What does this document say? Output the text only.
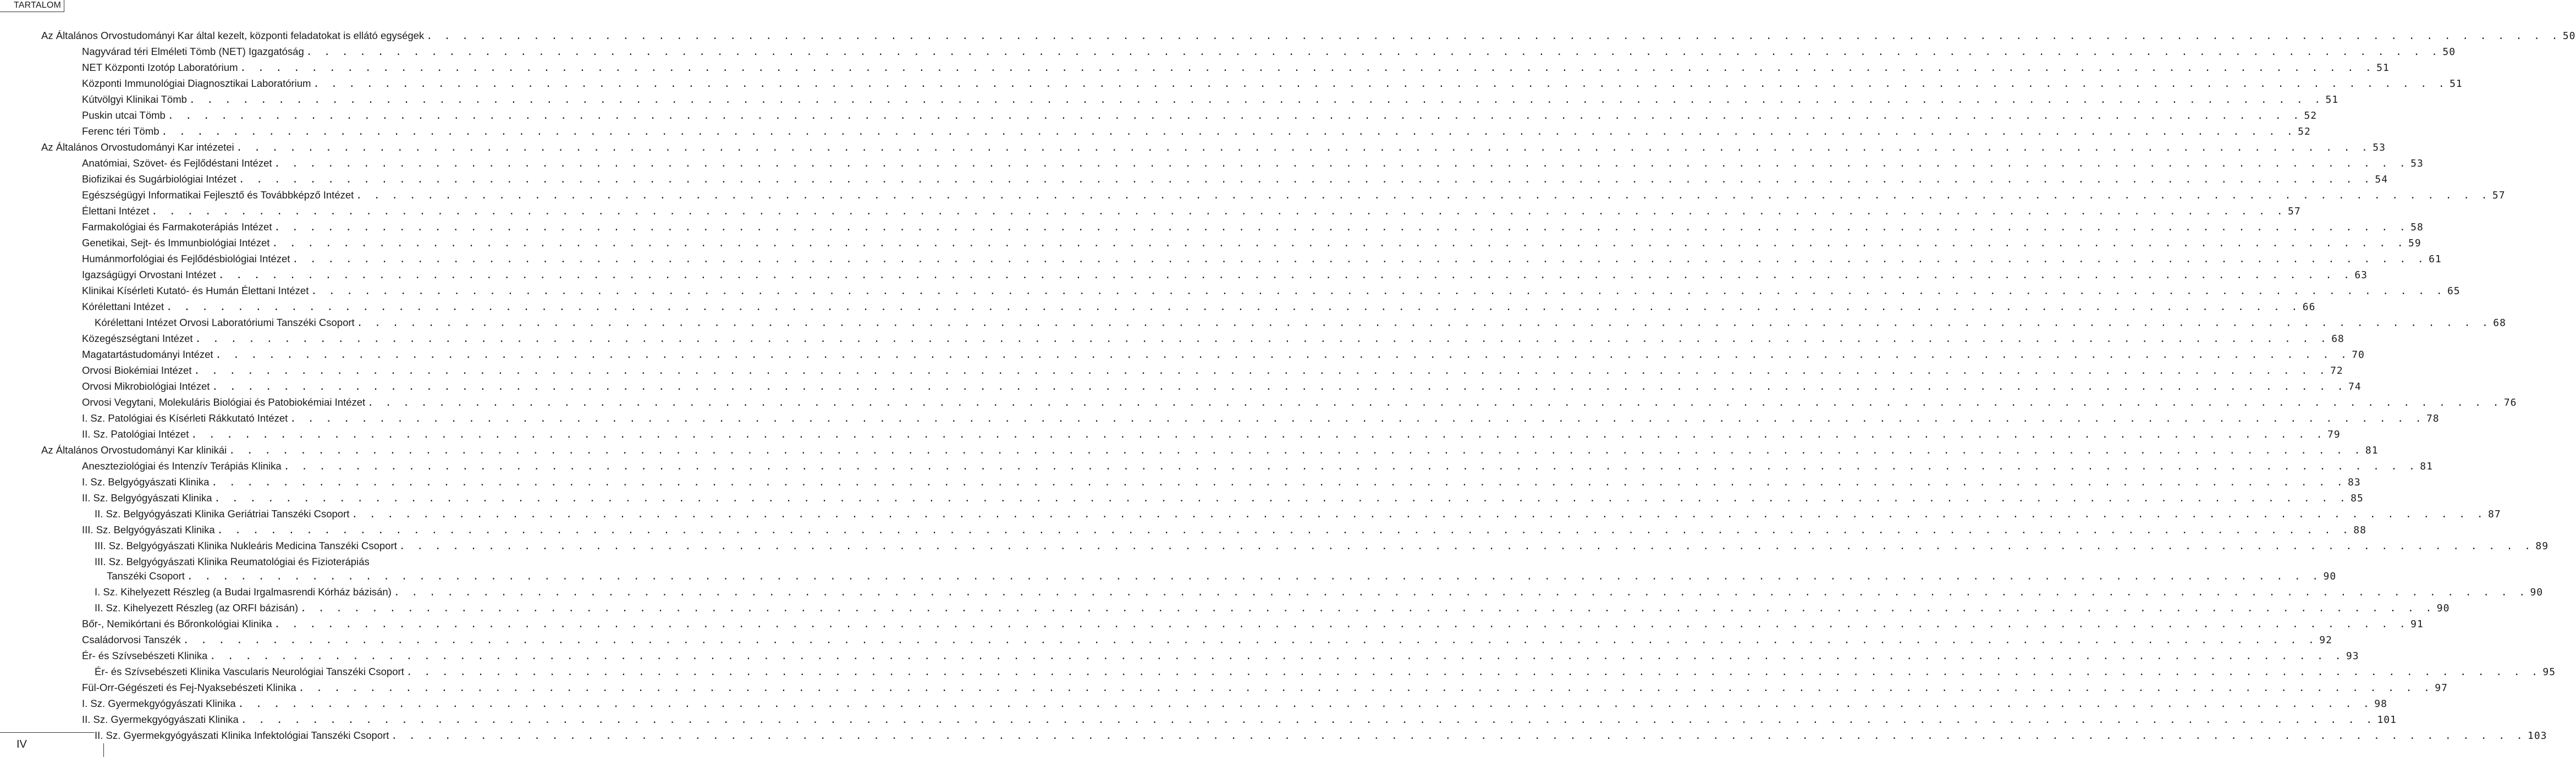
TARTALOM
Az Általános Orvostudományi Kar által kezelt, központi feladatokat is ellátó egységek . . . . . . . . . . . . . . . . . . . . . . . . . . . . . . . . . . . . . . . . . . . . . . . . . . . . . . . . . . . . . . . . . . . . . . . . . . . . . . . . . . . . . . . . . . . . . . . . . . . . . . . . . . . . . . . . . . . . . . . . 50
Nagyvárad téri Elméleti Tömb (NET) Igazgatóság . . . . . . . . . . . . . . . . . . . . . . . . . . . . . . . . . . . . . . . . . . . . . . . . . . . . . . . . . . . . . . . . . . . . . . . . . . . . . . . . . . . . . . . . . . . . . . . . . . . . . . . . . . . . . . . . . . . . . . . . 50
NET Központi Izotóp Laboratórium . . . . . . . . . . . . . . . . . . . . . . . . . . . . . . . . . . . . . . . . . . . . . . . . . . . . . . . . . . . . . . . . . . . . . . . . . . . . . . . . . . . . . . . . . . . . . . . . . . . . . . . . . . . . . . . . . . . . . . . . 51
Központi Immunológiai Diagnosztikai Laboratórium . . . . . . . . . . . . . . . . . . . . . . . . . . . . . . . . . . . . . . . . . . . . . . . . . . . . . . . . . . . . . . . . . . . . . . . . . . . . . . . . . . . . . . . . . . . . . . . . . . . . . . . . . . . . . . . . . . . . . . . . 51
Kútvölgyi Klinikai Tömb . . . . . . . . . . . . . . . . . . . . . . . . . . . . . . . . . . . . . . . . . . . . . . . . . . . . . . . . . . . . . . . . . . . . . . . . . . . . . . . . . . . . . . . . . . . . . . . . . . . . . . . . . . . . . . . . . . . . . . . . 51
Puskin utcai Tömb . . . . . . . . . . . . . . . . . . . . . . . . . . . . . . . . . . . . . . . . . . . . . . . . . . . . . . . . . . . . . . . . . . . . . . . . . . . . . . . . . . . . . . . . . . . . . . . . . . . . . . . . . . . . . . . . . . . . . . . . 52
Ferenc téri Tömb . . . . . . . . . . . . . . . . . . . . . . . . . . . . . . . . . . . . . . . . . . . . . . . . . . . . . . . . . . . . . . . . . . . . . . . . . . . . . . . . . . . . . . . . . . . . . . . . . . . . . . . . . . . . . . . . . . . . . . . . 52
Az Általános Orvostudományi Kar intézetei . . . . . . . . . . . . . . . . . . . . . . . . . . . . . . . . . . . . . . . . . . . . . . . . . . . . . . . . . . . . . . . . . . . . . . . . . . . . . . . . . . . . . . . . . . . . . . . . . . . . . . . . . . . . . . . . . . . . . . . . 53
Anatómiai, Szövet- és Fejlődéstani Intézet . . . . . . . . . . . . . . . . . . . . . . . . . . . . . . . . . . . . . . . . . . . . . . . . . . . . . . . . . . . . . . . . . . . . . . . . . . . . . . . . . . . . . . . . . . . . . . . . . . . . . . . . . . . . . . . . . . . . . . . . 53
Biofizikai és Sugárbiológiai Intézet . . . . . . . . . . . . . . . . . . . . . . . . . . . . . . . . . . . . . . . . . . . . . . . . . . . . . . . . . . . . . . . . . . . . . . . . . . . . . . . . . . . . . . . . . . . . . . . . . . . . . . . . . . . . . . . . . . . . . . . . 54
Egészségügyi Informatikai Fejlesztő és Továbbképző Intézet . . . . . . . . . . . . . . . . . . . . . . . . . . . . . . . . . . . . . . . . . . . . . . . . . . . . . . . . . . . . . . . . . . . . . . . . . . . . . . . . . . . . . . . . . . . . . . . . . . . . . . . . . . . . . . . . . . . . . . . . 57
Élettani Intézet . . . . . . . . . . . . . . . . . . . . . . . . . . . . . . . . . . . . . . . . . . . . . . . . . . . . . . . . . . . . . . . . . . . . . . . . . . . . . . . . . . . . . . . . . . . . . . . . . . . . . . . . . . . . . . . . . . . . . . . . 57
Farmakológiai és Farmakoterápiás Intézet . . . . . . . . . . . . . . . . . . . . . . . . . . . . . . . . . . . . . . . . . . . . . . . . . . . . . . . . . . . . . . . . . . . . . . . . . . . . . . . . . . . . . . . . . . . . . . . . . . . . . . . . . . . . . . . . . . . . . . . . 58
Genetikai, Sejt- és Immunbiológiai Intézet . . . . . . . . . . . . . . . . . . . . . . . . . . . . . . . . . . . . . . . . . . . . . . . . . . . . . . . . . . . . . . . . . . . . . . . . . . . . . . . . . . . . . . . . . . . . . . . . . . . . . . . . . . . . . . . . . . . . . . . . 59
Humánmorfológiai és Fejlődésbiológiai Intézet . . . . . . . . . . . . . . . . . . . . . . . . . . . . . . . . . . . . . . . . . . . . . . . . . . . . . . . . . . . . . . . . . . . . . . . . . . . . . . . . . . . . . . . . . . . . . . . . . . . . . . . . . . . . . . . . . . . . . . . . 61
Igazságügyi Orvostani Intézet . . . . . . . . . . . . . . . . . . . . . . . . . . . . . . . . . . . . . . . . . . . . . . . . . . . . . . . . . . . . . . . . . . . . . . . . . . . . . . . . . . . . . . . . . . . . . . . . . . . . . . . . . . . . . . . . . . . . . . . . 63
Klinikai Kísérleti Kutató- és Humán Élettani Intézet . . . . . . . . . . . . . . . . . . . . . . . . . . . . . . . . . . . . . . . . . . . . . . . . . . . . . . . . . . . . . . . . . . . . . . . . . . . . . . . . . . . . . . . . . . . . . . . . . . . . . . . . . . . . . . . . . . . . . . . . 65
Kórélettani Intézet . . . . . . . . . . . . . . . . . . . . . . . . . . . . . . . . . . . . . . . . . . . . . . . . . . . . . . . . . . . . . . . . . . . . . . . . . . . . . . . . . . . . . . . . . . . . . . . . . . . . . . . . . . . . . . . . . . . . . . . . 66
Kórélettani Intézet Orvosi Laboratóriumi Tanszéki Csoport . . . . . . . . . . . . . . . . . . . . . . . . . . . . . . . . . . . . . . . . . . . . . . . . . . . . . . . . . . . . . . . . . . . . . . . . . . . . . . . . . . . . . . . . . . . . . . . . . . . . . . . . . . . . . . . . . . . . . . . . 68
Közegészségtani Intézet . . . . . . . . . . . . . . . . . . . . . . . . . . . . . . . . . . . . . . . . . . . . . . . . . . . . . . . . . . . . . . . . . . . . . . . . . . . . . . . . . . . . . . . . . . . . . . . . . . . . . . . . . . . . . . . . . . . . . . . . 68
Magatartástudományi Intézet . . . . . . . . . . . . . . . . . . . . . . . . . . . . . . . . . . . . . . . . . . . . . . . . . . . . . . . . . . . . . . . . . . . . . . . . . . . . . . . . . . . . . . . . . . . . . . . . . . . . . . . . . . . . . . . . . . . . . . . . 70
Orvosi Biokémiai Intézet . . . . . . . . . . . . . . . . . . . . . . . . . . . . . . . . . . . . . . . . . . . . . . . . . . . . . . . . . . . . . . . . . . . . . . . . . . . . . . . . . . . . . . . . . . . . . . . . . . . . . . . . . . . . . . . . . . . . . . . . 72
Orvosi Mikrobiológiai Intézet . . . . . . . . . . . . . . . . . . . . . . . . . . . . . . . . . . . . . . . . . . . . . . . . . . . . . . . . . . . . . . . . . . . . . . . . . . . . . . . . . . . . . . . . . . . . . . . . . . . . . . . . . . . . . . . . . . . . . . . . 74
Orvosi Vegytani, Molekuláris Biológiai és Patobiokémiai Intézet . . . . . . . . . . . . . . . . . . . . . . . . . . . . . . . . . . . . . . . . . . . . . . . . . . . . . . . . . . . . . . . . . . . . . . . . . . . . . . . . . . . . . . . . . . . . . . . . . . . . . . . . . . . . . . . . . . . . . . . . 76
I. Sz. Patológiai és Kísérleti Rákkutató Intézet . . . . . . . . . . . . . . . . . . . . . . . . . . . . . . . . . . . . . . . . . . . . . . . . . . . . . . . . . . . . . . . . . . . . . . . . . . . . . . . . . . . . . . . . . . . . . . . . . . . . . . . . . . . . . . . . . . . . . . . . 78
II. Sz. Patológiai Intézet . . . . . . . . . . . . . . . . . . . . . . . . . . . . . . . . . . . . . . . . . . . . . . . . . . . . . . . . . . . . . . . . . . . . . . . . . . . . . . . . . . . . . . . . . . . . . . . . . . . . . . . . . . . . . . . . . . . . . . . . 79
Az Általános Orvostudományi Kar klinikái . . . . . . . . . . . . . . . . . . . . . . . . . . . . . . . . . . . . . . . . . . . . . . . . . . . . . . . . . . . . . . . . . . . . . . . . . . . . . . . . . . . . . . . . . . . . . . . . . . . . . . . . . . . . . . . . . . . . . . . . 81
Aneszteziológiai és Intenzív Terápiás Klinika . . . . . . . . . . . . . . . . . . . . . . . . . . . . . . . . . . . . . . . . . . . . . . . . . . . . . . . . . . . . . . . . . . . . . . . . . . . . . . . . . . . . . . . . . . . . . . . . . . . . . . . . . . . . . . . . . . . . . . . . 81
I. Sz. Belgyógyászati Klinika . . . . . . . . . . . . . . . . . . . . . . . . . . . . . . . . . . . . . . . . . . . . . . . . . . . . . . . . . . . . . . . . . . . . . . . . . . . . . . . . . . . . . . . . . . . . . . . . . . . . . . . . . . . . . . . . . . . . . . . . 83
II. Sz. Belgyógyászati Klinika . . . . . . . . . . . . . . . . . . . . . . . . . . . . . . . . . . . . . . . . . . . . . . . . . . . . . . . . . . . . . . . . . . . . . . . . . . . . . . . . . . . . . . . . . . . . . . . . . . . . . . . . . . . . . . . . . . . . . . . . 85
II. Sz. Belgyógyászati Klinika Geriátriai Tanszéki Csoport . . . . . . . . . . . . . . . . . . . . . . . . . . . . . . . . . . . . . . . . . . . . . . . . . . . . . . . . . . . . . . . . . . . . . . . . . . . . . . . . . . . . . . . . . . . . . . . . . . . . . . . . . . . . . . . . . . . . . . . . 87
III. Sz. Belgyógyászati Klinika . . . . . . . . . . . . . . . . . . . . . . . . . . . . . . . . . . . . . . . . . . . . . . . . . . . . . . . . . . . . . . . . . . . . . . . . . . . . . . . . . . . . . . . . . . . . . . . . . . . . . . . . . . . . . . . . . . . . . . . . 88
III. Sz. Belgyógyászati Klinika Nukleáris Medicina Tanszéki Csoport . . . . . . . . . . . . . . . . . . . . . . . . . . . . . . . . . . . . . . . . . . . . . . . . . . . . . . . . . . . . . . . . . . . . . . . . . . . . . . . . . . . . . . . . . . . . . . . . . . . . . . . . . . . . . . . . . . . . . . . . 89
III. Sz. Belgyógyászati Klinika Reumatológiai és Fizioterápiás
Tanszéki Csoport . . . . . . . . . . . . . . . . . . . . . . . . . . . . . . . . . . . . . . . . . . . . . . . . . . . . . . . . . . . . . . . . . . . . . . . . . . . . . . . . . . . . . . . . . . . . . . . . . . . . . . . . . . . . . . . . . . . . . . . . 90
I. Sz. Kihelyezett Részleg (a Budai Irgalmasrendi Kórház bázisán) . . . . . . . . . . . . . . . . . . . . . . . . . . . . . . . . . . . . . . . . . . . . . . . . . . . . . . . . . . . . . . . . . . . . . . . . . . . . . . . . . . . . . . . . . . . . . . . . . . . . . . . . . . . . . . . . . . . . . . . . 90
II. Sz. Kihelyezett Részleg (az ORFI bázisán) . . . . . . . . . . . . . . . . . . . . . . . . . . . . . . . . . . . . . . . . . . . . . . . . . . . . . . . . . . . . . . . . . . . . . . . . . . . . . . . . . . . . . . . . . . . . . . . . . . . . . . . . . . . . . . . . . . . . . . . . 90
Bőr-, Nemikórtani és Bőronkológiai Klinika . . . . . . . . . . . . . . . . . . . . . . . . . . . . . . . . . . . . . . . . . . . . . . . . . . . . . . . . . . . . . . . . . . . . . . . . . . . . . . . . . . . . . . . . . . . . . . . . . . . . . . . . . . . . . . . . . . . . . . . . 91
Családorvosi Tanszék . . . . . . . . . . . . . . . . . . . . . . . . . . . . . . . . . . . . . . . . . . . . . . . . . . . . . . . . . . . . . . . . . . . . . . . . . . . . . . . . . . . . . . . . . . . . . . . . . . . . . . . . . . . . . . . . . . . . . . . . 92
Ér- és Szívsebészeti Klinika . . . . . . . . . . . . . . . . . . . . . . . . . . . . . . . . . . . . . . . . . . . . . . . . . . . . . . . . . . . . . . . . . . . . . . . . . . . . . . . . . . . . . . . . . . . . . . . . . . . . . . . . . . . . . . . . . . . . . . . . 93
Ér- és Szívsebészeti Klinika Vascularis Neurológiai Tanszéki Csoport . . . . . . . . . . . . . . . . . . . . . . . . . . . . . . . . . . . . . . . . . . . . . . . . . . . . . . . . . . . . . . . . . . . . . . . . . . . . . . . . . . . . . . . . . . . . . . . . . . . . . . . . . . . . . . . . . . . . . . . . 95
Fül-Orr-Gégészeti és Fej-Nyaksebészeti Klinika . . . . . . . . . . . . . . . . . . . . . . . . . . . . . . . . . . . . . . . . . . . . . . . . . . . . . . . . . . . . . . . . . . . . . . . . . . . . . . . . . . . . . . . . . . . . . . . . . . . . . . . . . . . . . . . . . . . . . . . . 97
I. Sz. Gyermekgyógyászati Klinika . . . . . . . . . . . . . . . . . . . . . . . . . . . . . . . . . . . . . . . . . . . . . . . . . . . . . . . . . . . . . . . . . . . . . . . . . . . . . . . . . . . . . . . . . . . . . . . . . . . . . . . . . . . . . . . . . . . . . . . . 98
II. Sz. Gyermekgyógyászati Klinika . . . . . . . . . . . . . . . . . . . . . . . . . . . . . . . . . . . . . . . . . . . . . . . . . . . . . . . . . . . . . . . . . . . . . . . . . . . . . . . . . . . . . . . . . . . . . . . . . . . . . . . . . . . . . . . . . . . . . . . . 101
II. Sz. Gyermekgyógyászati Klinika Infektológiai Tanszéki Csoport . . . . . . . . . . . . . . . . . . . . . . . . . . . . . . . . . . . . . . . . . . . . . . . . . . . . . . . . . . . . . . . . . . . . . . . . . . . . . . . . . . . . . . . . . . . . . . . . . . . . . . . . . . . . . . . . . . . . . . . . 103
IV
